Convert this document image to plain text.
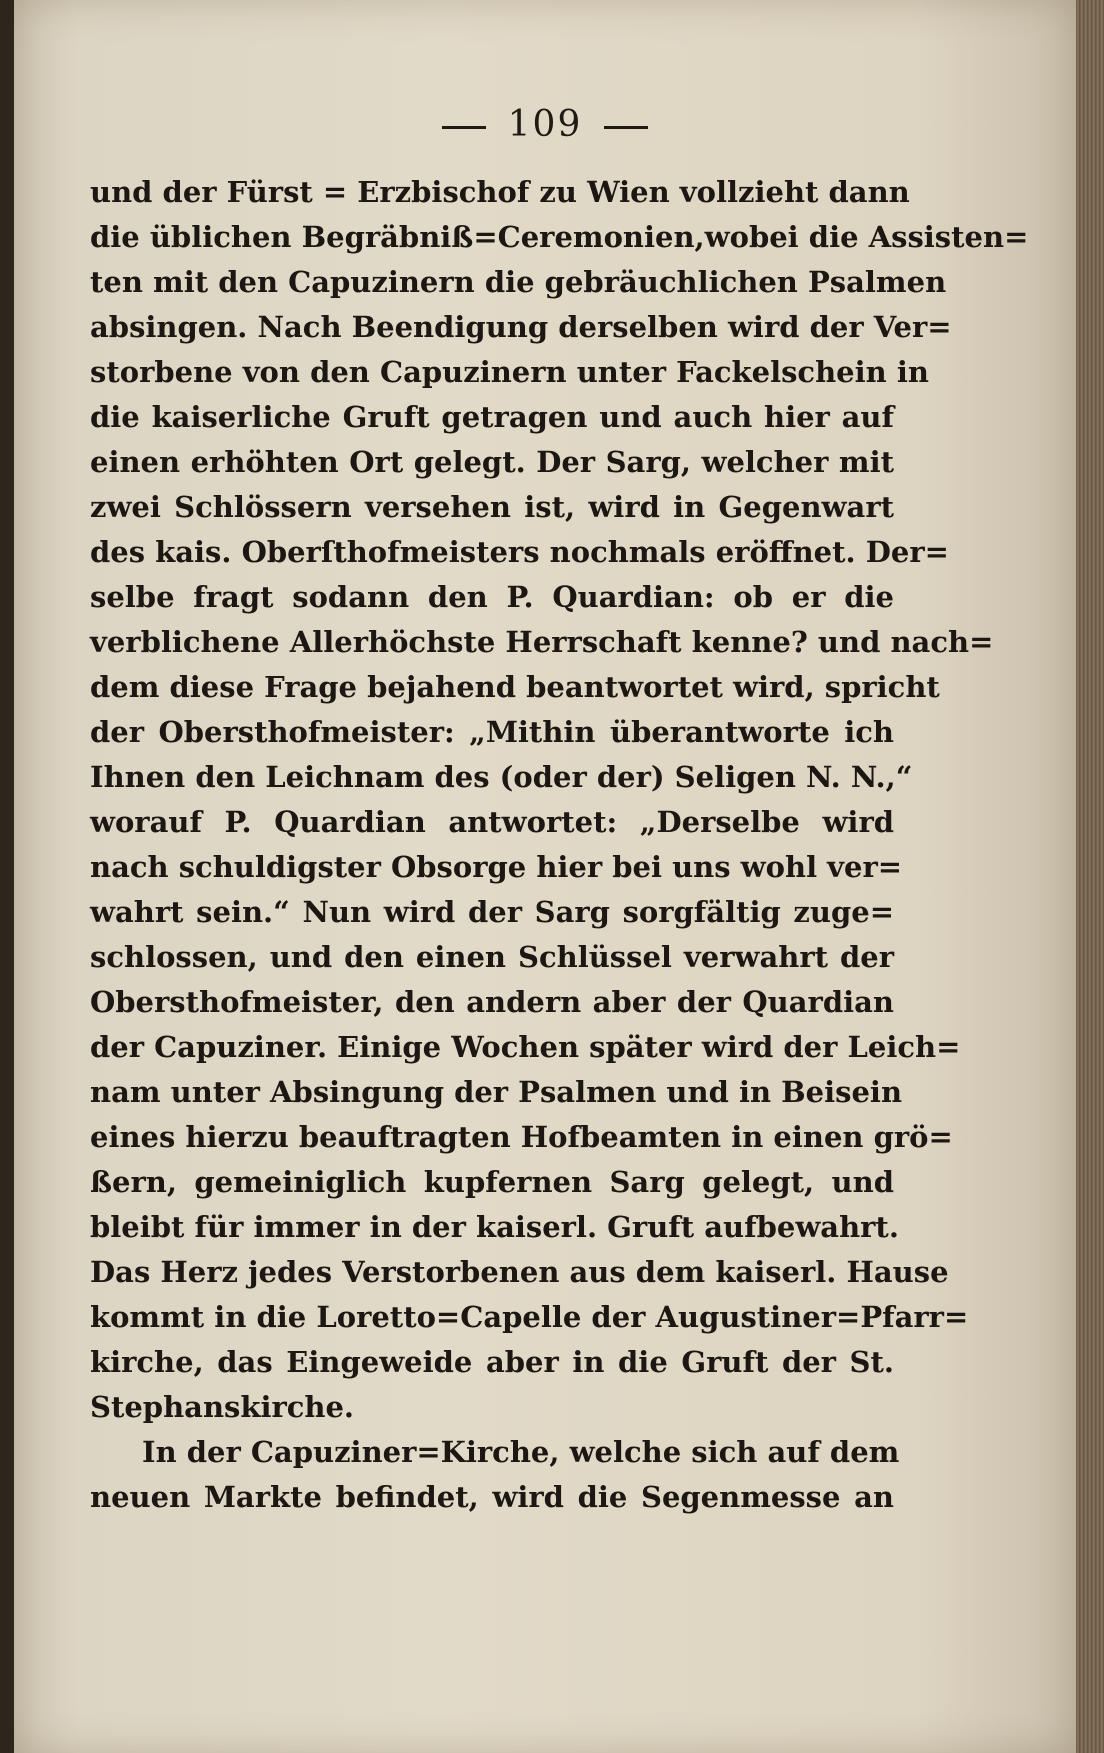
109
und der Fürst = Erzbischof zu Wien vollzieht dann
die üblichen Begräbniß=Ceremonien,wobei die Assisten=
ten mit den Capuzinern die gebräuchlichen Psalmen
absingen. Nach Beendigung derselben wird der Ver=
storbene von den Capuzinern unter Fackelschein in
die kaiserliche Gruft getragen und auch hier auf
einen erhöhten Ort gelegt. Der Sarg, welcher mit
zwei Schlössern versehen ist, wird in Gegenwart
des kais. Oberſthofmeisters nochmals eröffnet. Der=
selbe fragt sodann den P. Quardian: ob er die
verblichene Allerhöchste Herrschaft kenne? und nach=
dem diese Frage bejahend beantwortet wird, spricht
der Obersthofmeister: „Mithin überantworte ich
Ihnen den Leichnam des (oder der) Seligen N. N.,“
worauf P. Quardian antwortet: „Derselbe wird
nach schuldigster Obsorge hier bei uns wohl ver=
wahrt sein.“ Nun wird der Sarg sorgfältig zuge=
schlossen, und den einen Schlüssel verwahrt der
Obersthofmeister, den andern aber der Quardian
der Capuziner. Einige Wochen später wird der Leich=
nam unter Absingung der Psalmen und in Beisein
eines hierzu beauftragten Hofbeamten in einen grö=
ßern, gemeiniglich kupfernen Sarg gelegt, und
bleibt für immer in der kaiserl. Gruft aufbewahrt.
Das Herz jedes Verstorbenen aus dem kaiserl. Hause
kommt in die Loretto=Capelle der Augustiner=Pfarr=
kirche, das Eingeweide aber in die Gruft der St.
Stephanskirche.
In der Capuziner=Kirche, welche sich auf dem
neuen Markte befindet, wird die Segenmesse an
